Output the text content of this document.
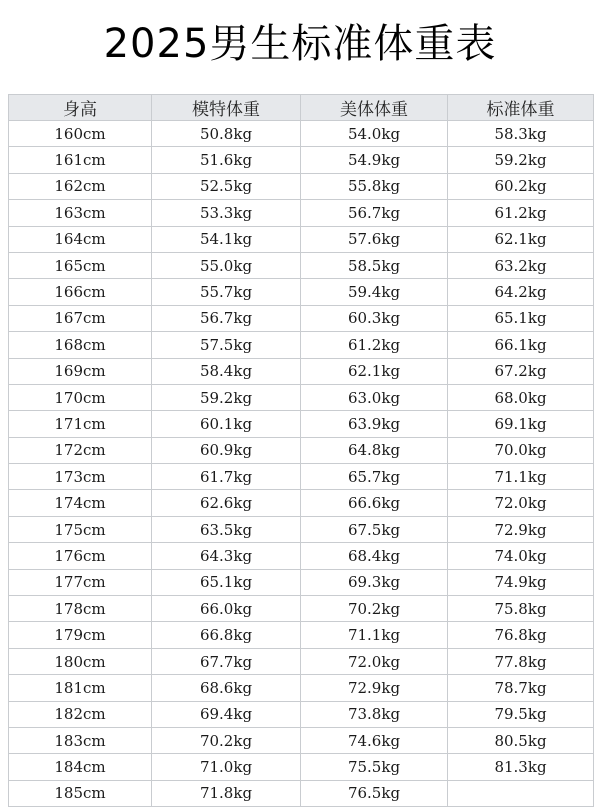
2025男生标准体重表
身高	模特体重	美体体重	标准体重
160cm	50.8kg	54.0kg	58.3kg
161cm	51.6kg	54.9kg	59.2kg
162cm	52.5kg	55.8kg	60.2kg
163cm	53.3kg	56.7kg	61.2kg
164cm	54.1kg	57.6kg	62.1kg
165cm	55.0kg	58.5kg	63.2kg
166cm	55.7kg	59.4kg	64.2kg
167cm	56.7kg	60.3kg	65.1kg
168cm	57.5kg	61.2kg	66.1kg
169cm	58.4kg	62.1kg	67.2kg
170cm	59.2kg	63.0kg	68.0kg
171cm	60.1kg	63.9kg	69.1kg
172cm	60.9kg	64.8kg	70.0kg
173cm	61.7kg	65.7kg	71.1kg
174cm	62.6kg	66.6kg	72.0kg
175cm	63.5kg	67.5kg	72.9kg
176cm	64.3kg	68.4kg	74.0kg
177cm	65.1kg	69.3kg	74.9kg
178cm	66.0kg	70.2kg	75.8kg
179cm	66.8kg	71.1kg	76.8kg
180cm	67.7kg	72.0kg	77.8kg
181cm	68.6kg	72.9kg	78.7kg
182cm	69.4kg	73.8kg	79.5kg
183cm	70.2kg	74.6kg	80.5kg
184cm	71.0kg	75.5kg	81.3kg
185cm	71.8kg	76.5kg	
